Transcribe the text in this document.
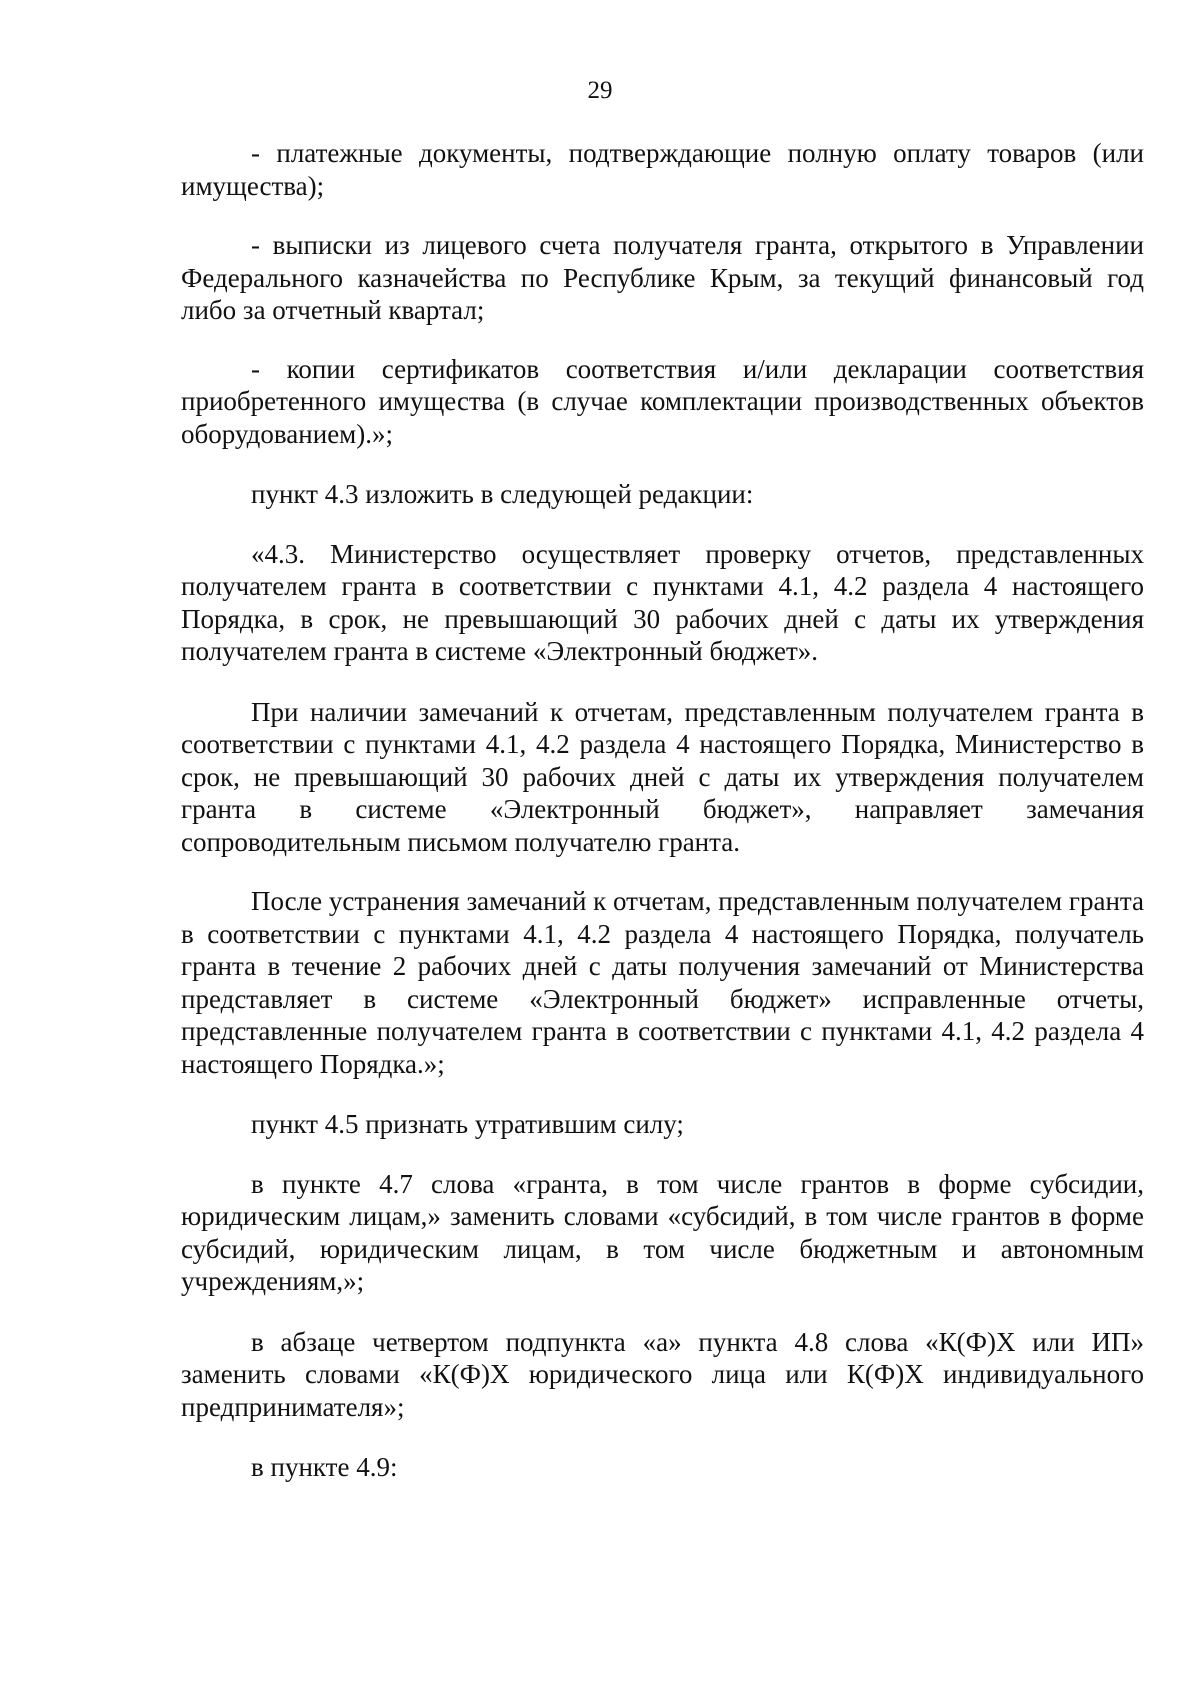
29

- платежные документы, подтверждающие полную оплату товаров (или имущества);

- выписки из лицевого счета получателя гранта, открытого в Управлении Федерального казначейства по Республике Крым, за текущий финансовый год либо за отчетный квартал;

- копии сертификатов соответствия и/или декларации соответствия приобретенного имущества (в случае комплектации производственных объектов оборудованием).»;

пункт 4.3 изложить в следующей редакции:

«4.3. Министерство осуществляет проверку отчетов, представленных получателем гранта в соответствии с пунктами 4.1, 4.2 раздела 4 настоящего Порядка, в срок, не превышающий 30 рабочих дней с даты их утверждения получателем гранта в системе «Электронный бюджет».

При наличии замечаний к отчетам, представленным получателем гранта в соответствии с пунктами 4.1, 4.2 раздела 4 настоящего Порядка, Министерство в срок, не превышающий 30 рабочих дней с даты их утверждения получателем гранта в системе «Электронный бюджет», направляет замечания сопроводительным письмом получателю гранта.

После устранения замечаний к отчетам, представленным получателем гранта в соответствии с пунктами 4.1, 4.2 раздела 4 настоящего Порядка, получатель гранта в течение 2 рабочих дней с даты получения замечаний от Министерства представляет в системе «Электронный бюджет» исправленные отчеты, представленные получателем гранта в соответствии с пунктами 4.1, 4.2 раздела 4 настоящего Порядка.»;

пункт 4.5 признать утратившим силу;

в пункте 4.7 слова «гранта, в том числе грантов в форме субсидии, юридическим лицам,» заменить словами «субсидий, в том числе грантов в форме субсидий, юридическим лицам, в том числе бюджетным и автономным учреждениям,»;

в абзаце четвертом подпункта «а» пункта 4.8 слова «К(Ф)Х или ИП» заменить словами «К(Ф)Х юридического лица или К(Ф)Х индивидуального предпринимателя»;

в пункте 4.9:
